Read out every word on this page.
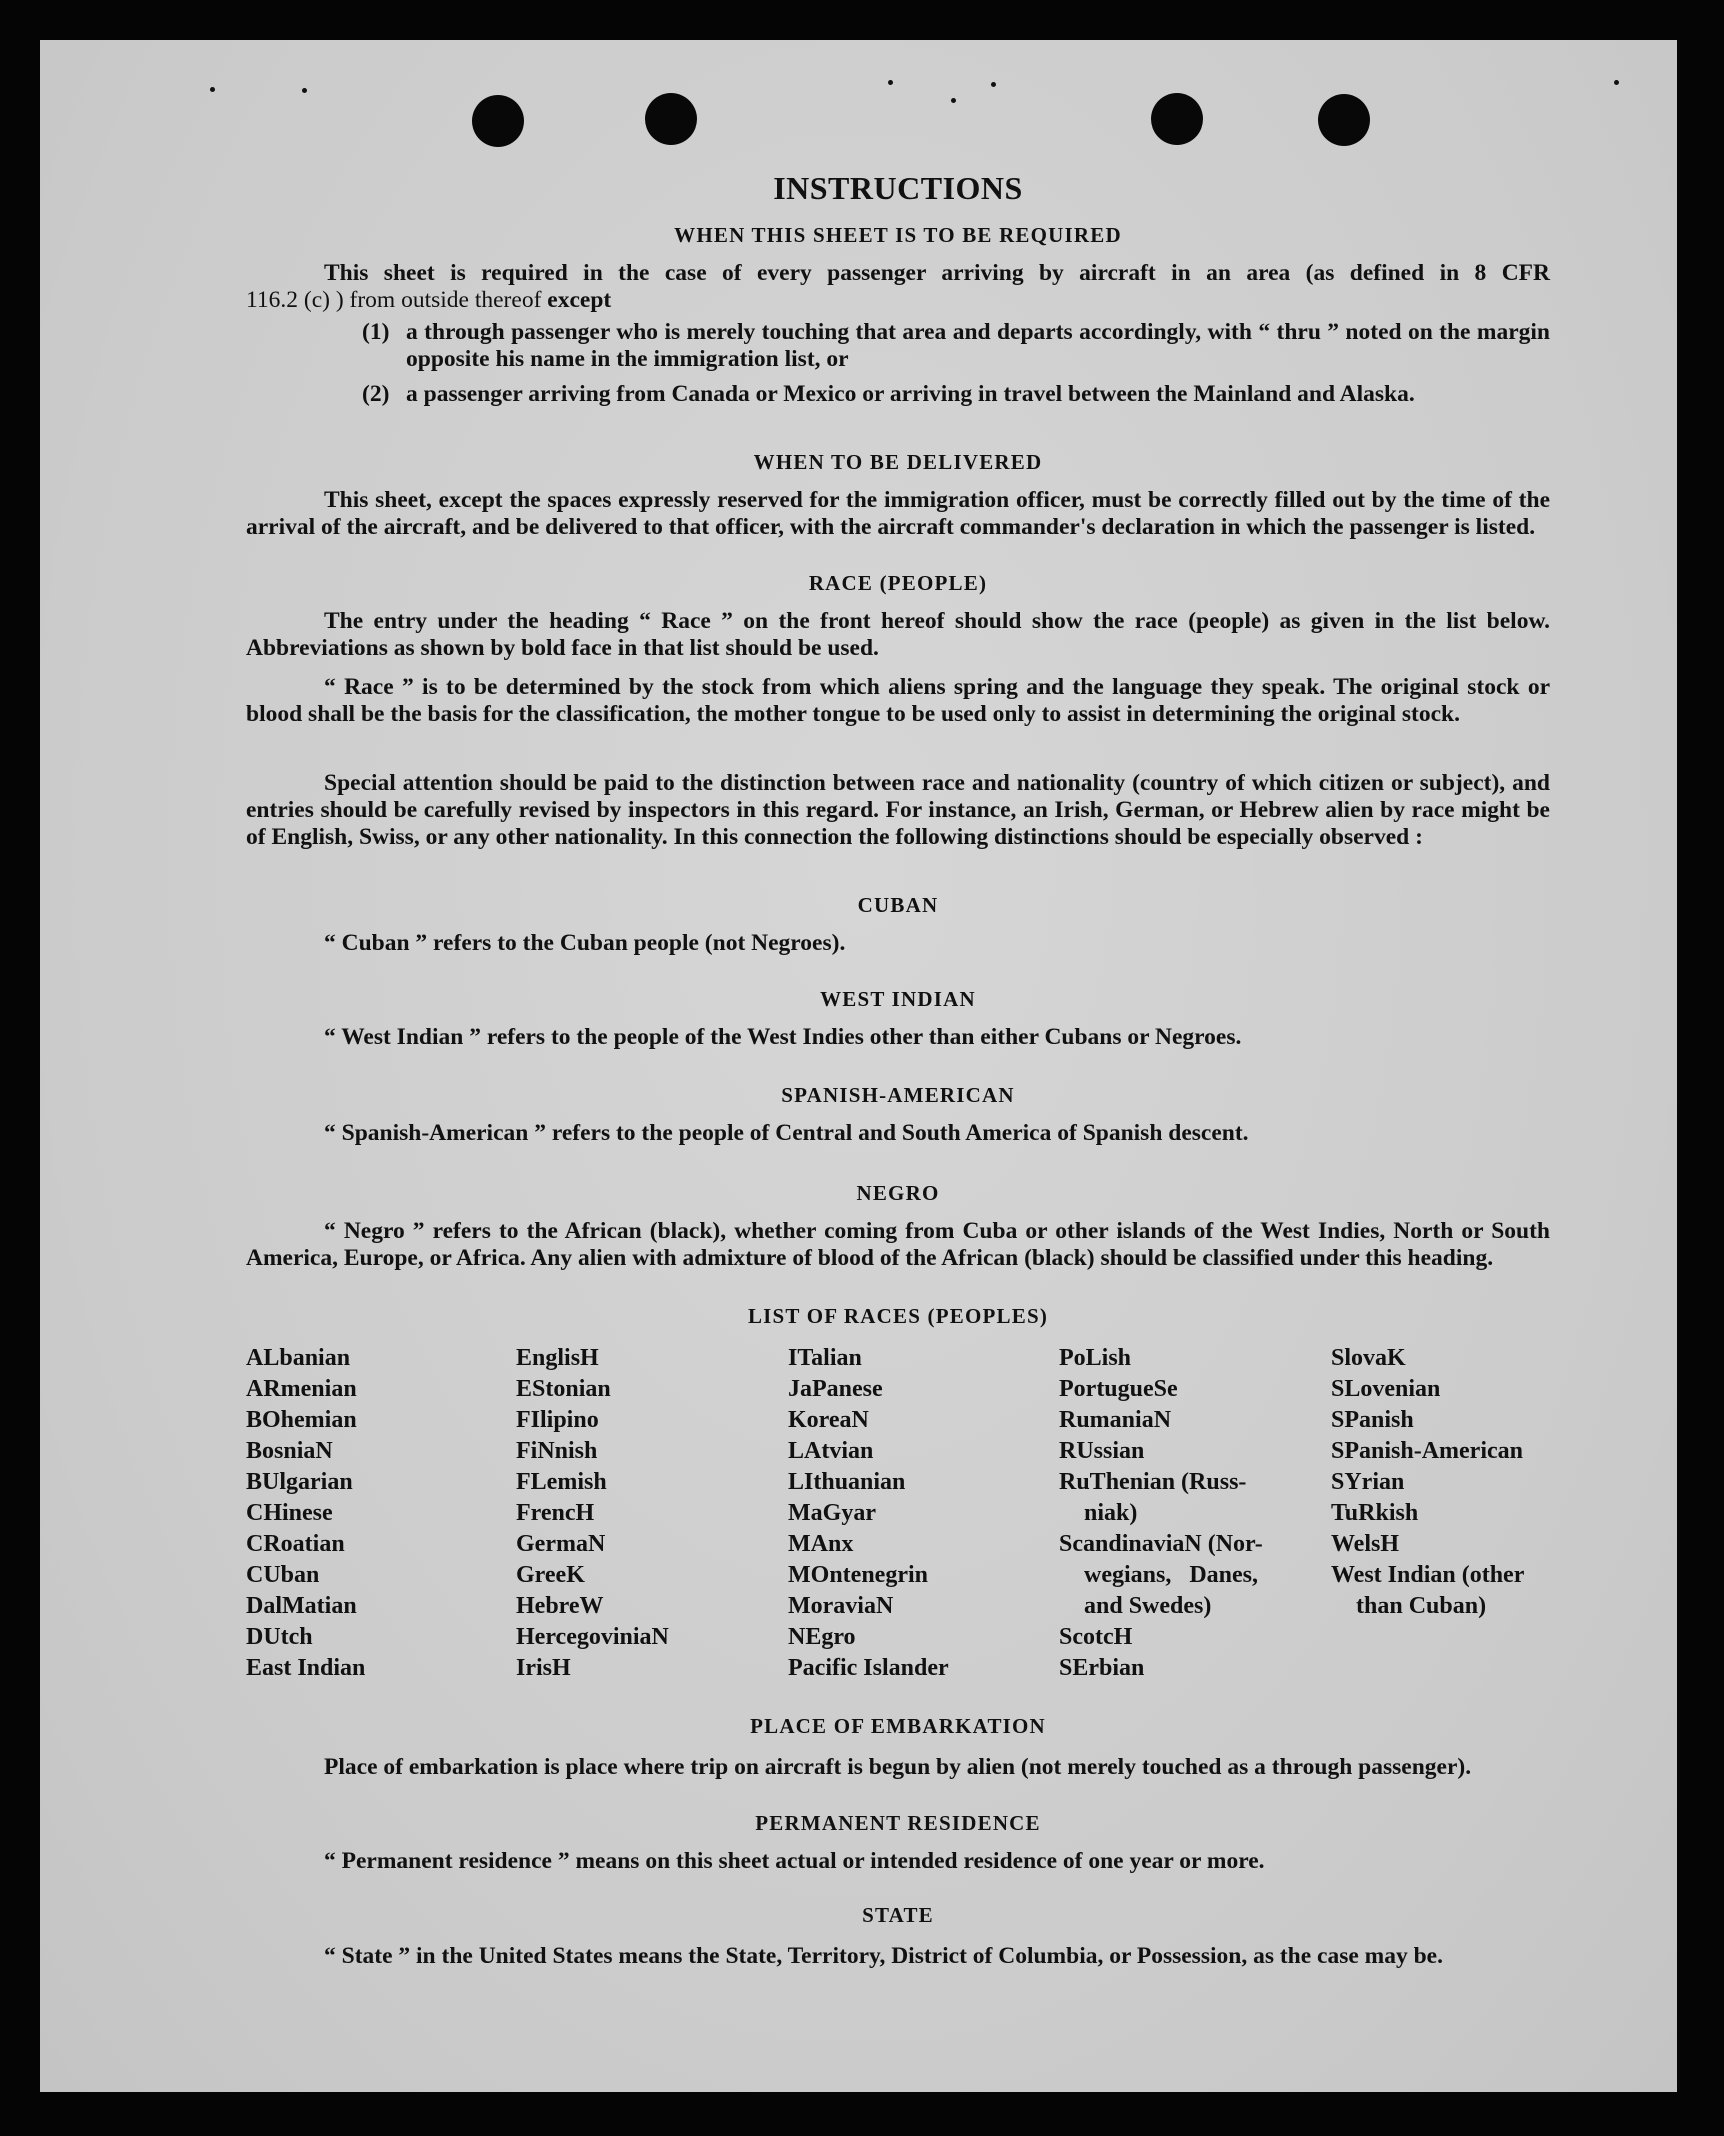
INSTRUCTIONS
WHEN THIS SHEET IS TO BE REQUIRED
This sheet is required in the case of every passenger arriving by aircraft in an area (as defined in 8 CFR
116.2 (c) ) from outside thereof except
(1) a through passenger who is merely touching that area and departs accordingly, with “ thru ” noted on the margin opposite his name in the immigration list, or
(2) a passenger arriving from Canada or Mexico or arriving in travel between the Mainland and Alaska.
WHEN TO BE DELIVERED

This sheet, except the spaces expressly reserved for the immigration officer, must be correctly filled out by the time of the arrival of the aircraft, and be delivered to that officer, with the aircraft commander's declaration in which the passenger is listed.

RACE (PEOPLE)

The entry under the heading “ Race ” on the front hereof should show the race (people) as given in the list below. Abbreviations as shown by bold face in that list should be used.

“ Race ” is to be determined by the stock from which aliens spring and the language they speak. The original stock or blood shall be the basis for the classification, the mother tongue to be used only to assist in determining the original stock.

Special attention should be paid to the distinction between race and nationality (country of which citizen or subject), and entries should be carefully revised by inspectors in this regard. For instance, an Irish, German, or Hebrew alien by race might be of English, Swiss, or any other nationality. In this connection the following distinctions should be especially observed :

CUBAN

“ Cuban ” refers to the Cuban people (not Negroes).

WEST INDIAN

“ West Indian ” refers to the people of the West Indies other than either Cubans or Negroes.

SPANISH-AMERICAN

“ Spanish-American ” refers to the people of Central and South America of Spanish descent.

NEGRO

“ Negro ” refers to the African (black), whether coming from Cuba or other islands of the West Indies, North or South America, Europe, or Africa. Any alien with admixture of blood of the African (black) should be classified under this heading.

LIST OF RACES (PEOPLES)
ALbanian
ARmenian
BOhemian
BosniaN
BUlgarian
CHinese
CRoatian
CUban
DalMatian
DUtch
East Indian
EnglisH
EStonian
FIlipino
FiNnish
FLemish
FrencH
GermaN
GreeK
HebreW
HercegoviniaN
IrisH
ITalian
JaPanese
KoreaN
LAtvian
LIthuanian
MaGyar
MAnx
MOntenegrin
MoraviaN
NEgro
Pacific Islander
PoLish
PortugueSe
RumaniaN
RUssian
RuThenian (Russ-
niak)
ScandinaviaN (Nor-
wegians,   Danes,
and Swedes)
ScotcH
SErbian
SlovaK
SLovenian
SPanish
SPanish-American
SYrian
TuRkish
WelsH
West Indian (other
than Cuban)
PLACE OF EMBARKATION

Place of embarkation is place where trip on aircraft is begun by alien (not merely touched as a through passenger).

PERMANENT RESIDENCE

“ Permanent residence ” means on this sheet actual or intended residence of one year or more.

STATE

“ State ” in the United States means the State, Territory, District of Columbia, or Possession, as the case may be.
